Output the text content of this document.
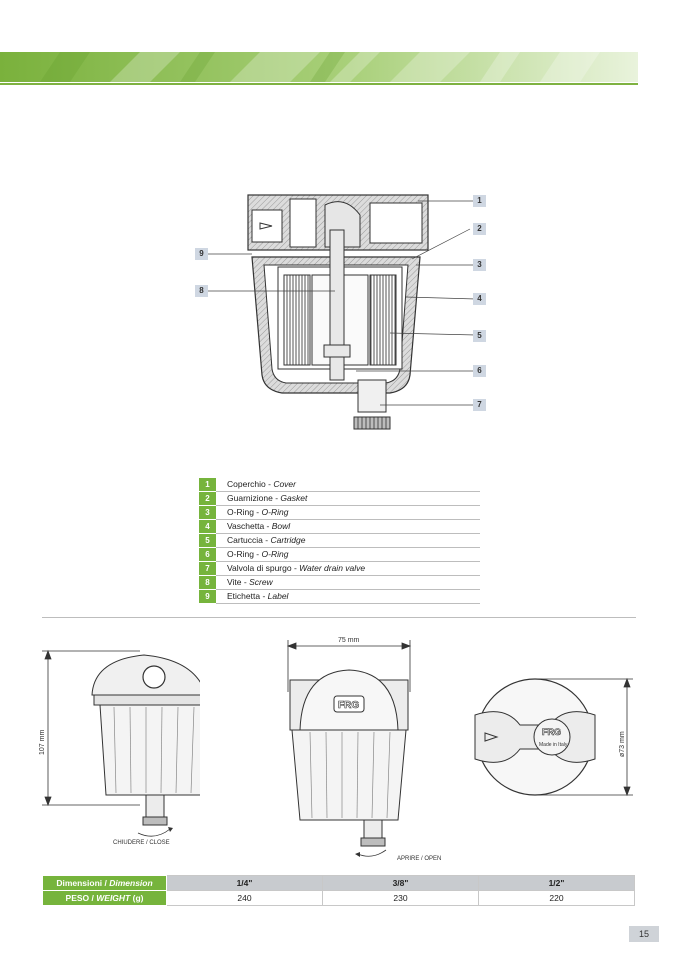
1
2
3
4
5
6
7
8
9
1	Coperchio - Cover
2	Guarnizione - Gasket
3	O-Ring - O-Ring
4	Vaschetta - Bowl
5	Cartuccia - Cartridge
6	O-Ring - O-Ring
7	Valvola di spurgo - Water drain valve
8	Vite - Screw
9	Etichetta - Label
107 mm
CHIUDERE / CLOSE
75 mm
FRG
APRIRE / OPEN
FRG
Made in Italy	ø73 mm
Dimensioni / Dimension	1/4"	3/8"	1/2"
PESO / WEIGHT (g)	240	230	220
15
